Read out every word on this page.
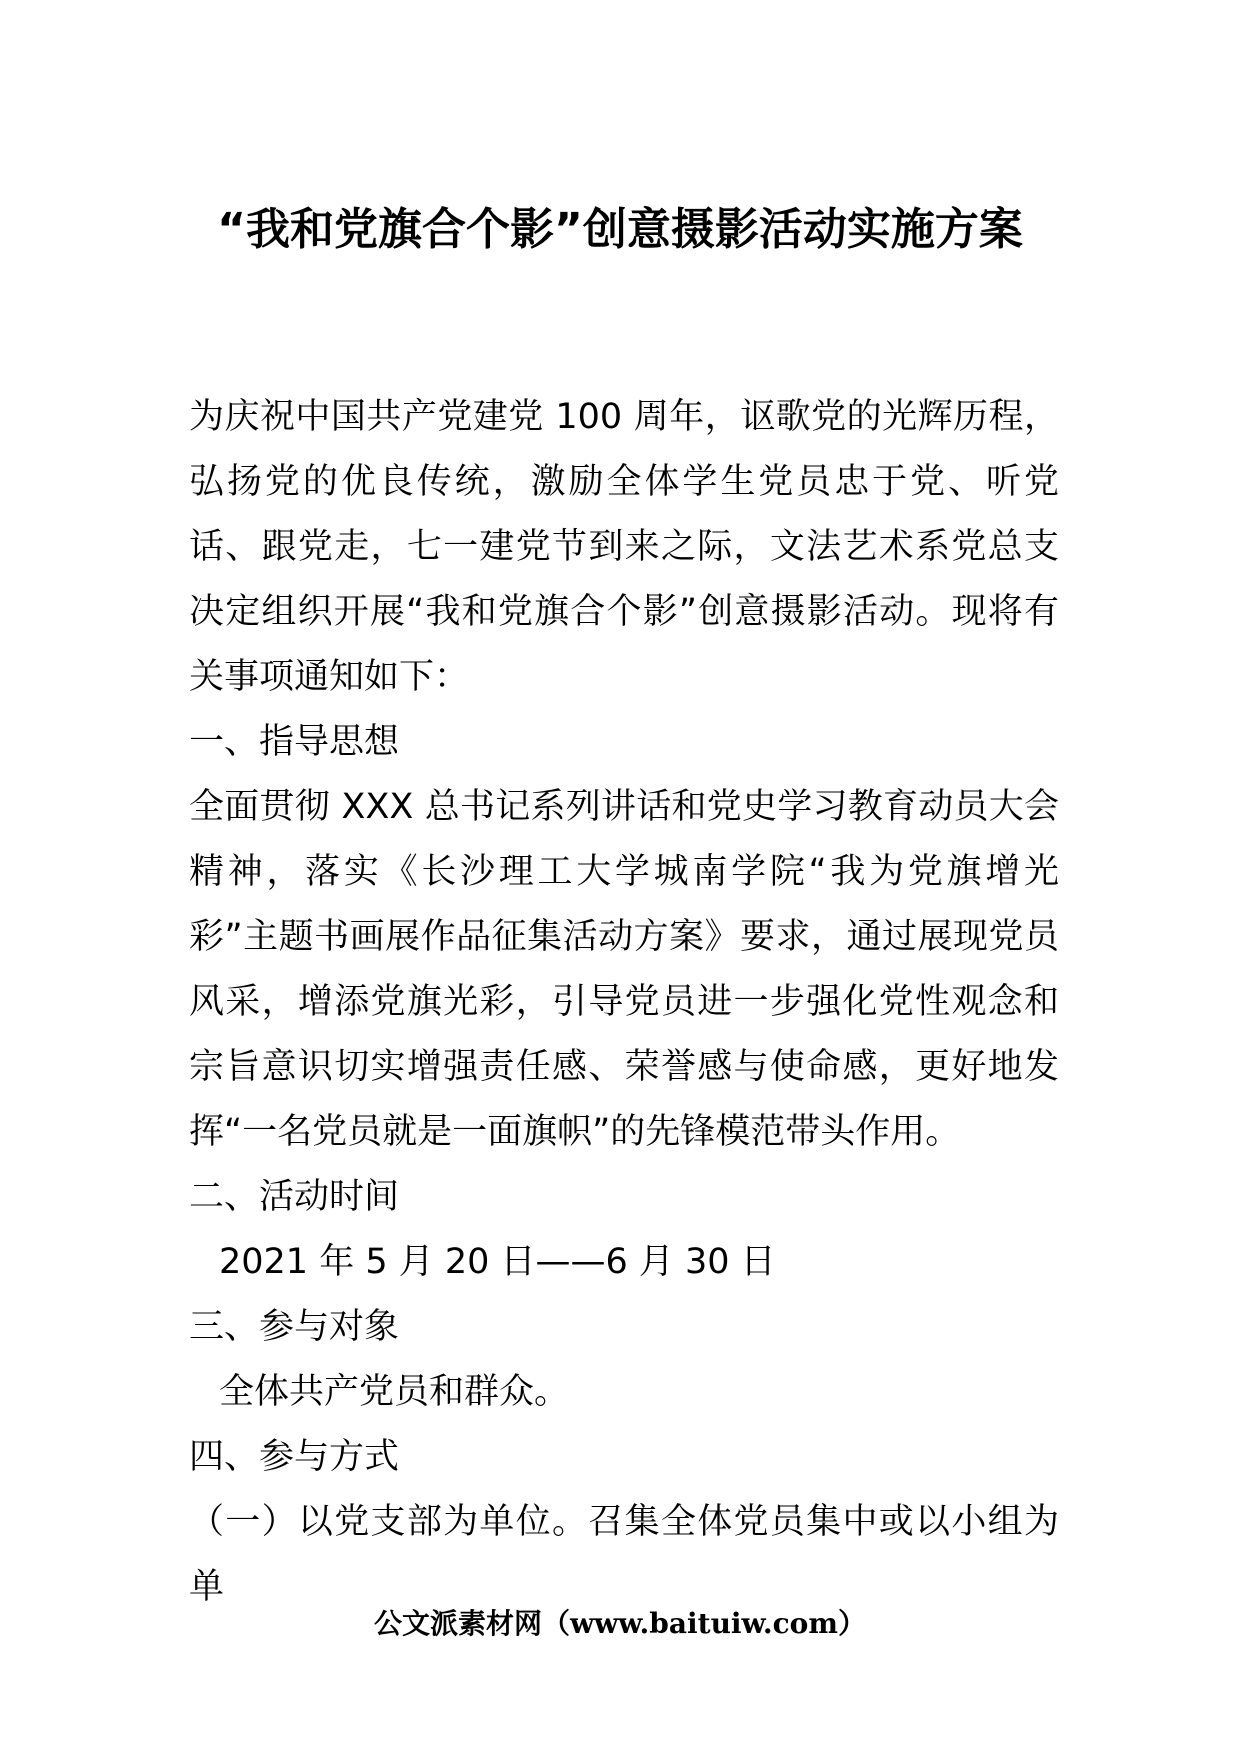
“我和党旗合个影”创意摄影活动实施方案

为庆祝中国共产党建党 100 周年，讴歌党的光辉历程，弘扬党的优良传统，激励全体学生党员忠于党、听党话、跟党走，七一建党节到来之际，文法艺术系党总支决定组织开展“我和党旗合个影”创意摄影活动。现将有关事项通知如下：

一、指导思想

全面贯彻 XXX 总书记系列讲话和党史学习教育动员大会精神，落实《长沙理工大学城南学院“我为党旗增光彩”主题书画展作品征集活动方案》要求，通过展现党员风采，增添党旗光彩，引导党员进一步强化党性观念和宗旨意识切实增强责任感、荣誉感与使命感，更好地发挥“一名党员就是一面旗帜”的先锋模范带头作用。

二、活动时间

2021 年 5 月 20 日——6 月 30 日

三、参与对象

全体共产党员和群众。

四、参与方式

（一）以党支部为单位。召集全体党员集中或以小组为单

公文派素材网（www.baituiw.com）
